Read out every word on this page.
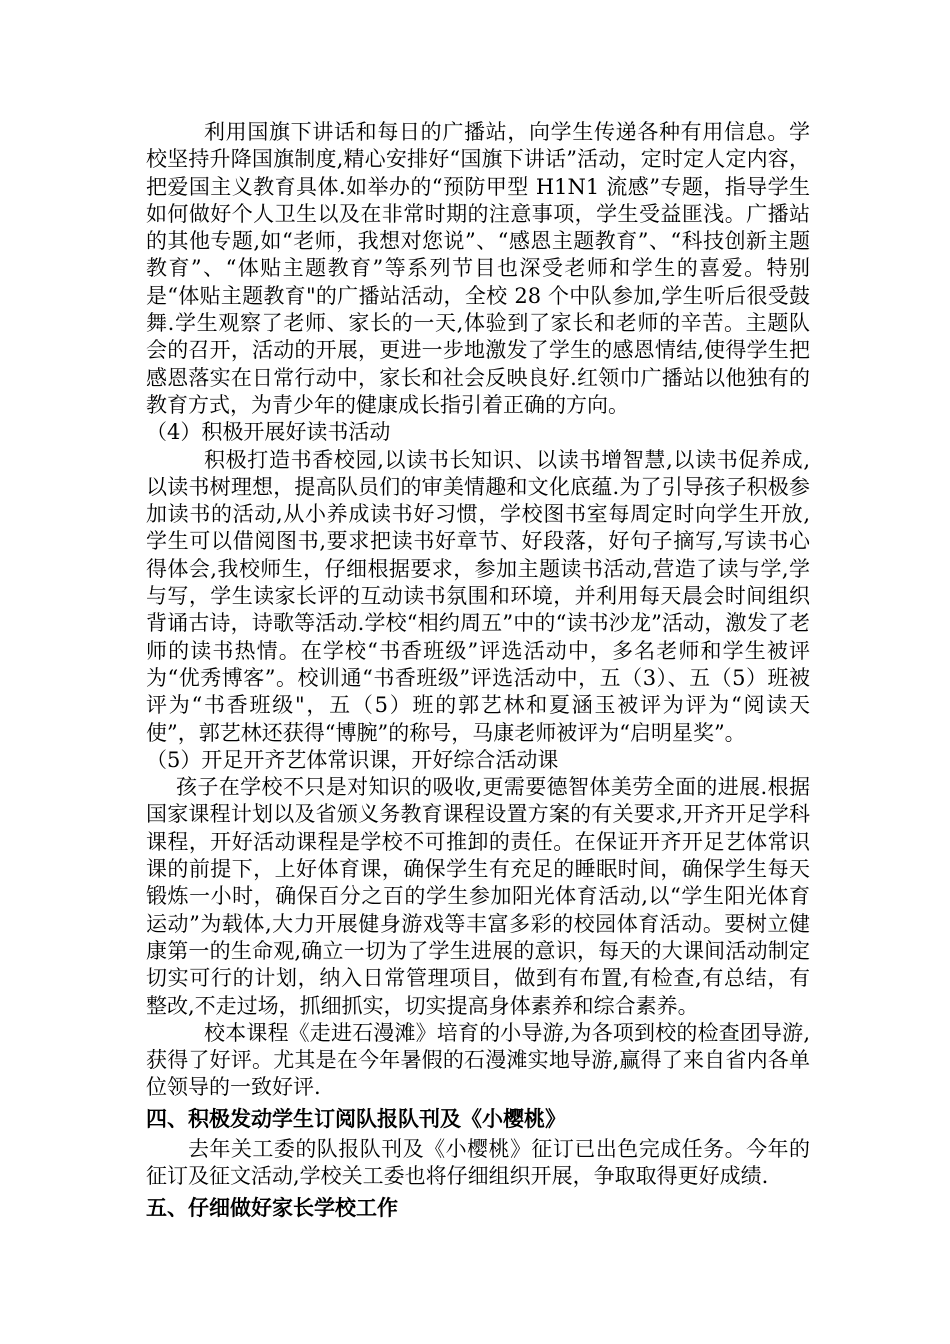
利用国旗下讲话和每日的广播站，向学生传递各种有用信息。学校坚持升降国旗制度,精心安排好“国旗下讲话”活动，定时定人定内容，把爱国主义教育具体.如举办的“预防甲型 H1N1 流感”专题，指导学生如何做好个人卫生以及在非常时期的注意事项，学生受益匪浅。广播站的其他专题,如“老师，我想对您说”、“感恩主题教育”、“科技创新主题教育”、“体贴主题教育”等系列节目也深受老师和学生的喜爱。特别是“体贴主题教育"的广播站活动，全校 28 个中队参加,学生听后很受鼓舞.学生观察了老师、家长的一天,体验到了家长和老师的辛苦。主题队会的召开，活动的开展，更进一步地激发了学生的感恩情结,使得学生把感恩落实在日常行动中，家长和社会反映良好.红领巾广播站以他独有的教育方式，为青少年的健康成长指引着正确的方向。

（4）积极开展好读书活动

积极打造书香校园,以读书长知识、以读书增智慧,以读书促养成,以读书树理想，提高队员们的审美情趣和文化底蕴.为了引导孩子积极参加读书的活动,从小养成读书好习惯，学校图书室每周定时向学生开放,学生可以借阅图书,要求把读书好章节、好段落，好句子摘写,写读书心得体会,我校师生，仔细根据要求，参加主题读书活动,营造了读与学,学与写，学生读家长评的互动读书氛围和环境，并利用每天晨会时间组织背诵古诗，诗歌等活动.学校“相约周五”中的“读书沙龙”活动，激发了老师的读书热情。在学校“书香班级”评选活动中，多名老师和学生被评为“优秀博客”。校训通“书香班级”评选活动中，五（3）、五（5）班被评为“书香班级"，五（5）班的郭艺林和夏涵玉被评为评为“阅读天使”，郭艺林还获得“博腕”的称号，马康老师被评为“启明星奖”。

（5）开足开齐艺体常识课，开好综合活动课

孩子在学校不只是对知识的吸收,更需要德智体美劳全面的进展.根据国家课程计划以及省颁义务教育课程设置方案的有关要求,开齐开足学科课程，开好活动课程是学校不可推卸的责任。在保证开齐开足艺体常识课的前提下，上好体育课，确保学生有充足的睡眠时间，确保学生每天锻炼一小时，确保百分之百的学生参加阳光体育活动,以“学生阳光体育运动”为载体,大力开展健身游戏等丰富多彩的校园体育活动。要树立健康第一的生命观,确立一切为了学生进展的意识，每天的大课间活动制定切实可行的计划，纳入日常管理项目，做到有布置,有检查,有总结，有整改,不走过场，抓细抓实，切实提高身体素养和综合素养。

校本课程《走进石漫滩》培育的小导游,为各项到校的检查团导游,获得了好评。尤其是在今年暑假的石漫滩实地导游,赢得了来自省内各单位领导的一致好评.

四、积极发动学生订阅队报队刊及《小樱桃》

去年关工委的队报队刊及《小樱桃》征订已出色完成任务。今年的征订及征文活动,学校关工委也将仔细组织开展，争取取得更好成绩.

五、仔细做好家长学校工作
